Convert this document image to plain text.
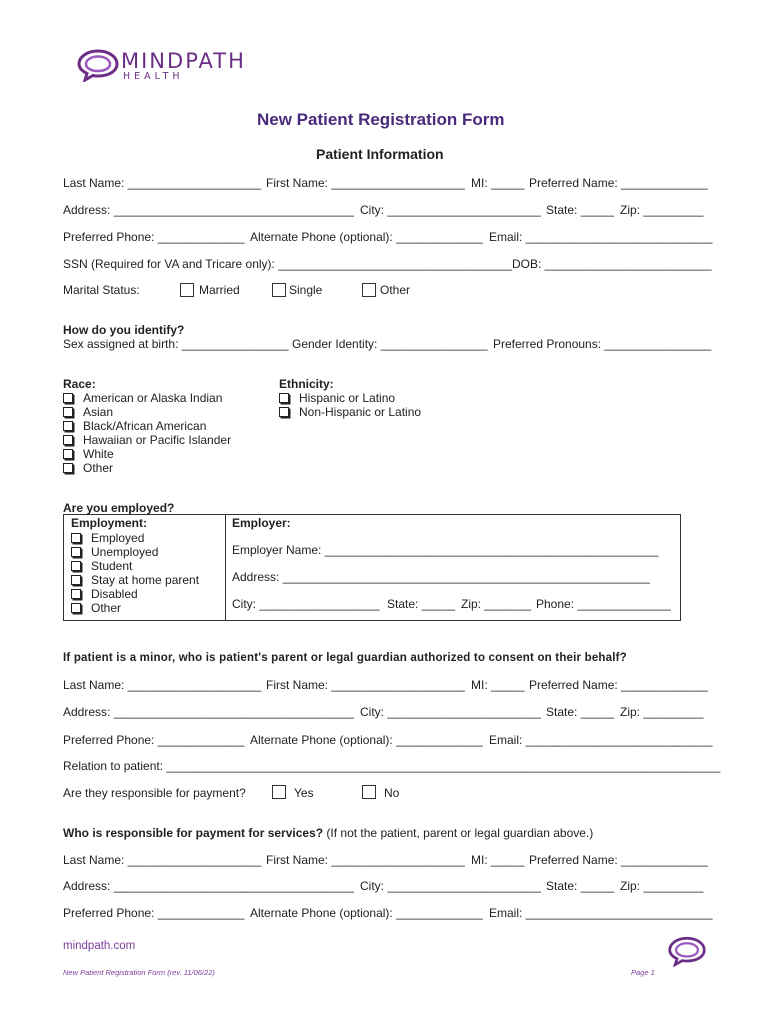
MINDPATH
HEALTH
New Patient Registration Form
Patient Information
Last Name: ____________________ First Name: ____________________ MI: _____ Preferred Name: _____________
Address: ____________________________________ City: _______________________ State: _____ Zip: _________
Preferred Phone: _____________ Alternate Phone (optional): _____________ Email: ____________________________
SSN (Required for VA and Tricare only): ___________________________________ DOB: _________________________
Marital Status:	Married	Single	Other
How do you identify?
Sex assigned at birth: ________________ Gender Identity: ________________ Preferred Pronouns: ________________
Race:
American or Alaska Indian
Asian
Black/African American
Hawaiian or Pacific Islander
White
Other
Ethnicity:
Hispanic or Latino
Non-Hispanic or Latino
Are you employed?
Employment:
Employed
Unemployed
Student
Stay at home parent
Disabled
Other
Employer:
Employer Name: __________________________________________________
Address: _______________________________________________________
City: __________________ State: _____ Zip: _______ Phone: ______________
If patient is a minor, who is patient's parent or legal guardian authorized to consent on their behalf?
Last Name: ____________________ First Name: ____________________ MI: _____ Preferred Name: _____________
Address: ____________________________________ City: _______________________ State: _____ Zip: _________
Preferred Phone: _____________ Alternate Phone (optional): _____________ Email: ____________________________
Relation to patient: ___________________________________________________________________________________
Are they responsible for payment?	Yes	No
Who is responsible for payment for services? (If not the patient, parent or legal guardian above.)
Last Name: ____________________ First Name: ____________________ MI: _____ Preferred Name: _____________
Address: ____________________________________ City: _______________________ State: _____ Zip: _________
Preferred Phone: _____________ Alternate Phone (optional): _____________ Email: ____________________________
mindpath.com
New Patient Registration Form (rev. 11/06/22)	Page 1
